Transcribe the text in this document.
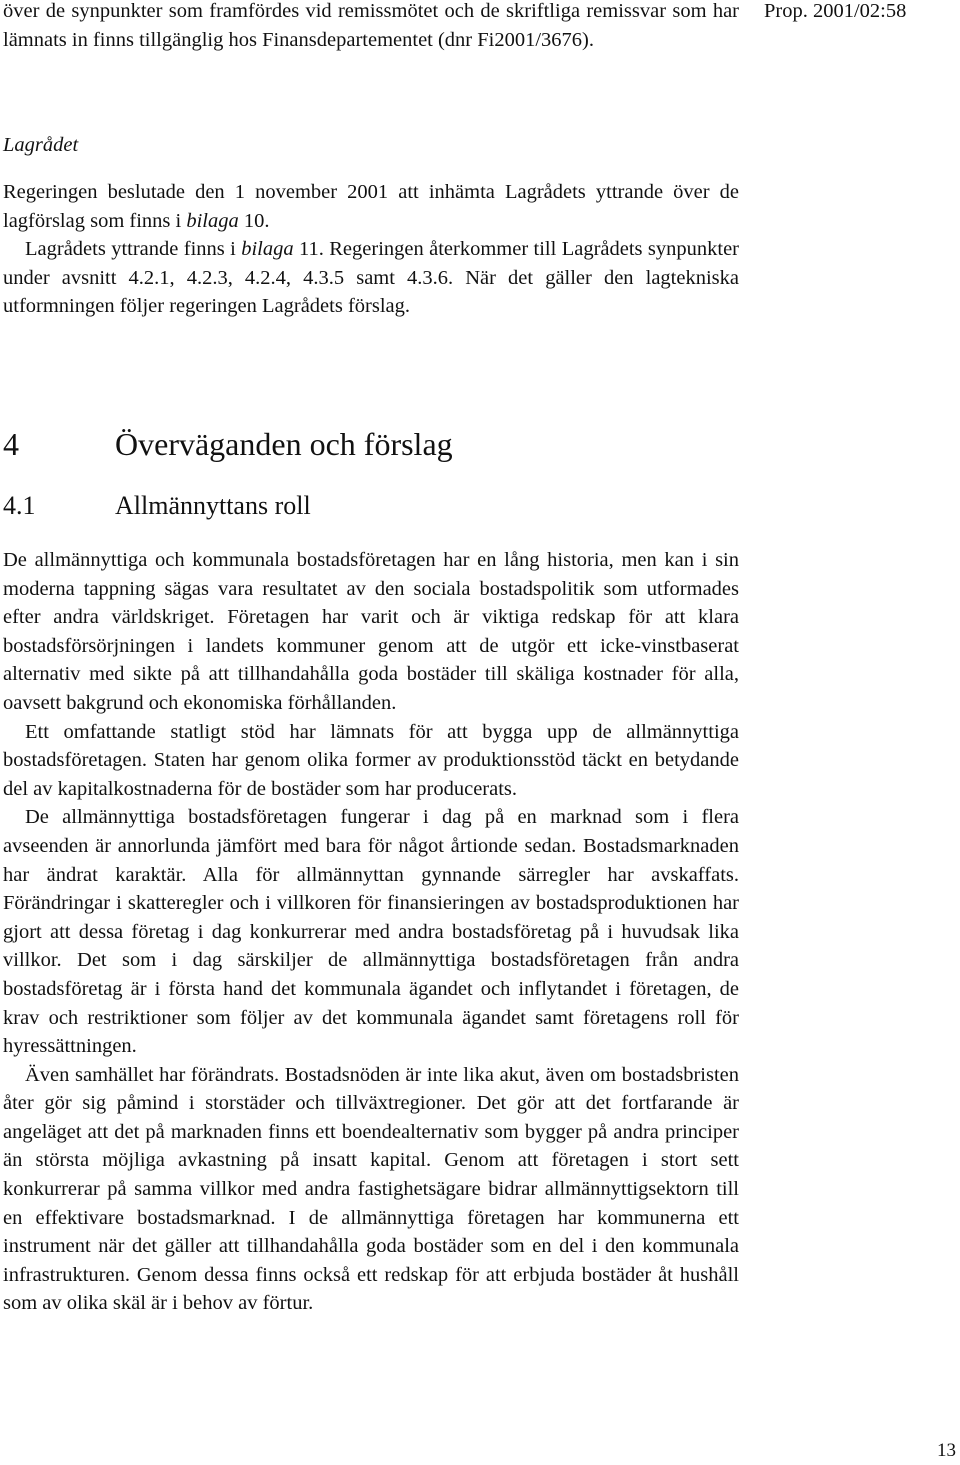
Prop. 2001/02:58

över de synpunkter som framfördes vid remissmötet och de skriftliga remissvar som har lämnats in finns tillgänglig hos Finansdepartementet (dnr Fi2001/3676).

Lagrådet

Regeringen beslutade den 1 november 2001 att inhämta Lagrådets yttrande över de lagförslag som finns i bilaga 10.

Lagrådets yttrande finns i bilaga 11. Regeringen återkommer till Lagrådets synpunkter under avsnitt 4.2.1, 4.2.3, 4.2.4, 4.3.5 samt 4.3.6. När det gäller den lagtekniska utformningen följer regeringen Lagrådets förslag.

4	Överväganden och förslag
4.1	Allmännyttans roll

De allmännyttiga och kommunala bostadsföretagen har en lång historia, men kan i sin moderna tappning sägas vara resultatet av den sociala bostadspolitik som utformades efter andra världskriget. Företagen har varit och är viktiga redskap för att klara bostadsförsörjningen i landets kommuner genom att de utgör ett icke-vinstbaserat alternativ med sikte på att tillhandahålla goda bostäder till skäliga kostnader för alla, oavsett bakgrund och ekonomiska förhållanden.

Ett omfattande statligt stöd har lämnats för att bygga upp de allmännyttiga bostadsföretagen. Staten har genom olika former av produktionsstöd täckt en betydande del av kapitalkostnaderna för de bostäder som har producerats.

De allmännyttiga bostadsföretagen fungerar i dag på en marknad som i flera avseenden är annorlunda jämfört med bara för något årtionde sedan. Bostadsmarknaden har ändrat karaktär. Alla för allmännyttan gynnande särregler har avskaffats. Förändringar i skatteregler och i villkoren för finansieringen av bostadsproduktionen har gjort att dessa företag i dag konkurrerar med andra bostadsföretag på i huvudsak lika villkor. Det som i dag särskiljer de allmännyttiga bostadsföretagen från andra bostadsföretag är i första hand det kommunala ägandet och inflytandet i företagen, de krav och restriktioner som följer av det kommunala ägandet samt företagens roll för hyressättningen.

Även samhället har förändrats. Bostadsnöden är inte lika akut, även om bostadsbristen åter gör sig påmind i storstäder och tillväxtregioner. Det gör att det fortfarande är angeläget att det på marknaden finns ett boendealternativ som bygger på andra principer än största möjliga avkastning på insatt kapital. Genom att företagen i stort sett konkurrerar på samma villkor med andra fastighetsägare bidrar allmännyttigsektorn till en effektivare bostadsmarknad. I de allmännyttiga företagen har kommunerna ett instrument när det gäller att tillhandahålla goda bostäder som en del i den kommunala infrastrukturen. Genom dessa finns också ett redskap för att erbjuda bostäder åt hushåll som av olika skäl är i behov av förtur.

13
